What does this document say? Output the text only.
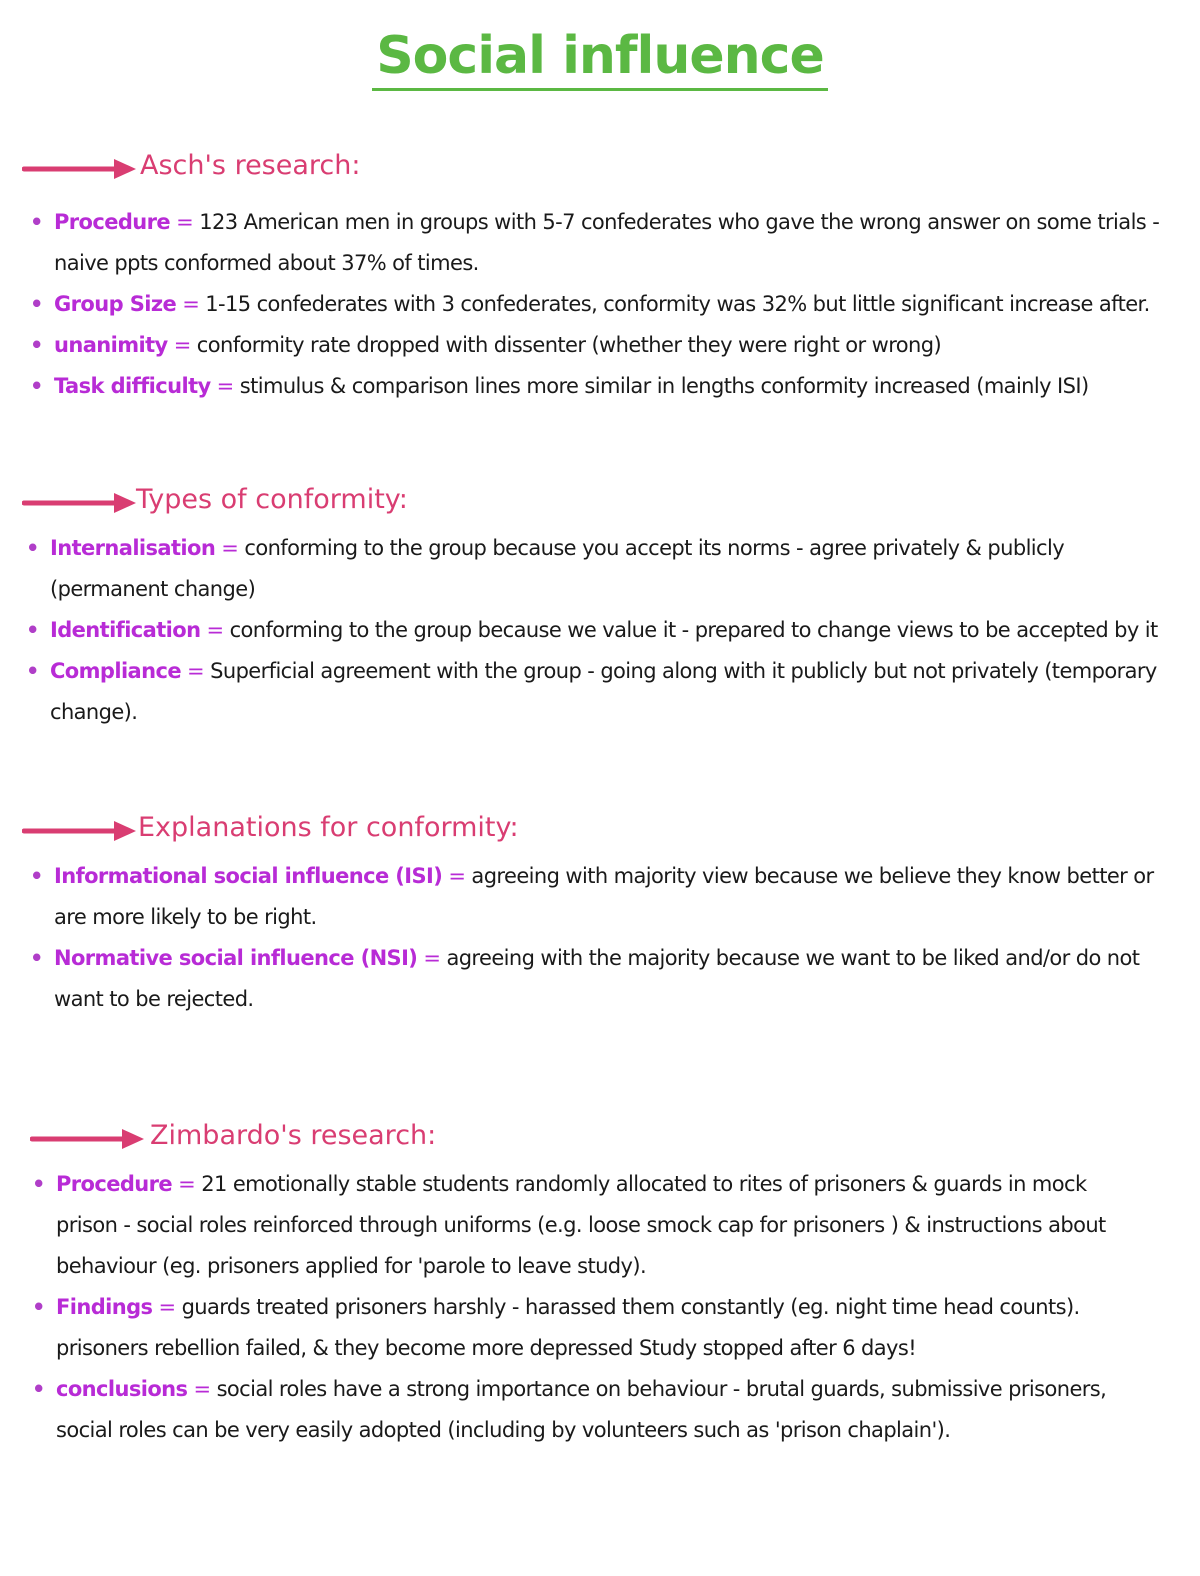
Social influence
Asch's research:
• Procedure = 123 American men in groups with 5-7 confederates who gave the wrong answer on some trials - naive ppts conformed about 37% of times.
• Group Size = 1-15 confederates with 3 confederates, conformity was 32% but little significant increase after.
• unanimity = conformity rate dropped with dissenter (whether they were right or wrong)
• Task difficulty = stimulus & comparison lines more similar in lengths conformity increased (mainly ISI)
Types of conformity:
• Internalisation = conforming to the group because you accept its norms - agree privately & publicly (permanent change)
• Identification = conforming to the group because we value it - prepared to change views to be accepted by it
• Compliance = Superficial agreement with the group - going along with it publicly but not privately (temporary change).
Explanations for conformity:
• Informational social influence (ISI) = agreeing with majority view because we believe they know better or are more likely to be right.
• Normative social influence (NSI) = agreeing with the majority because we want to be liked and/or do not want to be rejected.
Zimbardo's research:
• Procedure = 21 emotionally stable students randomly allocated to rites of prisoners & guards in mock prison - social roles reinforced through uniforms (e.g. loose smock cap for prisoners ) & instructions about behaviour (eg. prisoners applied for 'parole to leave study).
• Findings = guards treated prisoners harshly - harassed them constantly (eg. night time head counts). prisoners rebellion failed, & they become more depressed Study stopped after 6 days!
• conclusions = social roles have a strong importance on behaviour - brutal guards, submissive prisoners, social roles can be very easily adopted (including by volunteers such as 'prison chaplain').
